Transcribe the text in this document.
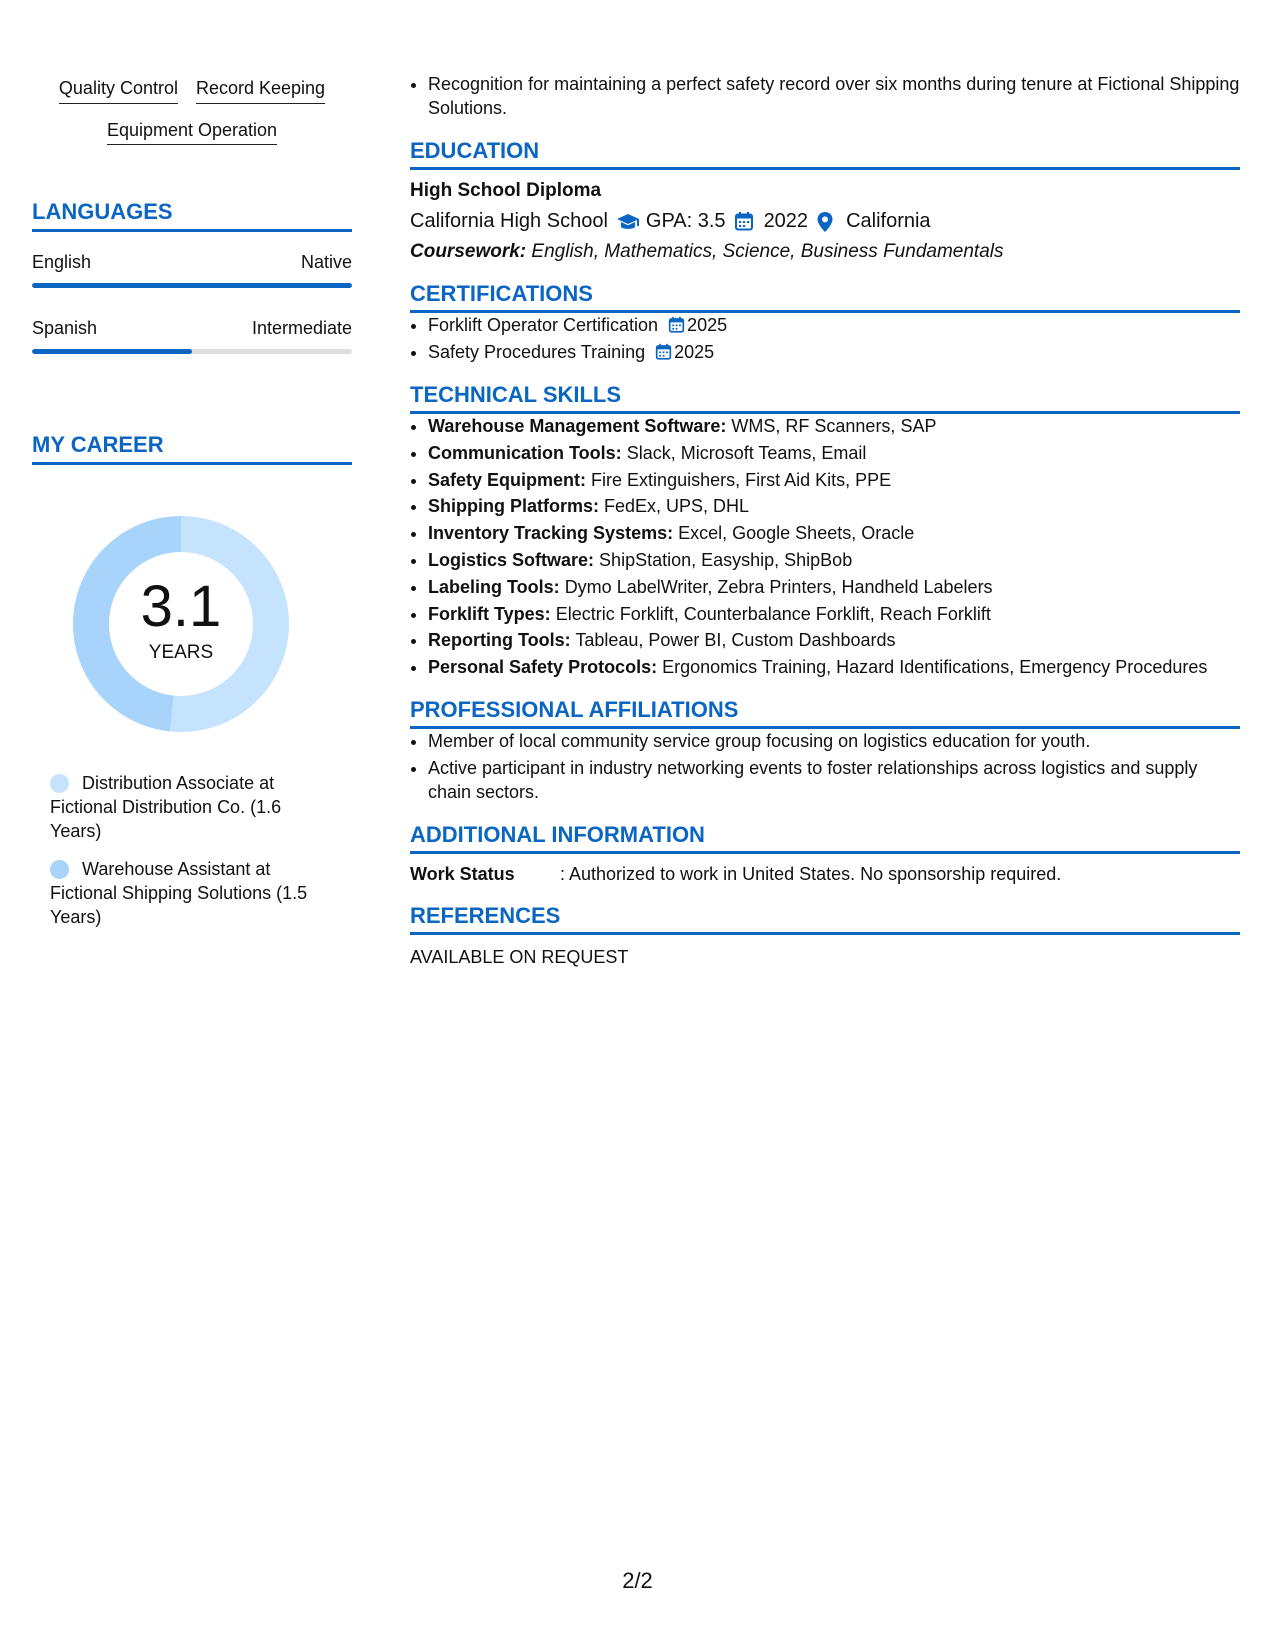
Quality Control Record Keeping
Equipment Operation
LANGUAGES
English	Native
Spanish	Intermediate
MY CAREER
3.1
YEARS
Distribution Associate at Fictional Distribution Co. (1.6 Years)
Warehouse Assistant at Fictional Shipping Solutions (1.5 Years)
• Recognition for maintaining a perfect safety record over six months during tenure at Fictional Shipping Solutions.
EDUCATION
High School Diploma
California High School GPA: 3.5 2022 California
Coursework: English, Mathematics, Science, Business Fundamentals
CERTIFICATIONS
• Forklift Operator Certification 2025
• Safety Procedures Training 2025
TECHNICAL SKILLS
• Warehouse Management Software: WMS, RF Scanners, SAP
• Communication Tools: Slack, Microsoft Teams, Email
• Safety Equipment: Fire Extinguishers, First Aid Kits, PPE
• Shipping Platforms: FedEx, UPS, DHL
• Inventory Tracking Systems: Excel, Google Sheets, Oracle
• Logistics Software: ShipStation, Easyship, ShipBob
• Labeling Tools: Dymo LabelWriter, Zebra Printers, Handheld Labelers
• Forklift Types: Electric Forklift, Counterbalance Forklift, Reach Forklift
• Reporting Tools: Tableau, Power BI, Custom Dashboards
• Personal Safety Protocols: Ergonomics Training, Hazard Identifications, Emergency Procedures
PROFESSIONAL AFFILIATIONS
• Member of local community service group focusing on logistics education for youth.
• Active participant in industry networking events to foster relationships across logistics and supply chain sectors.
ADDITIONAL INFORMATION
Work Status	: Authorized to work in United States. No sponsorship required.
REFERENCES
AVAILABLE ON REQUEST
2/2
